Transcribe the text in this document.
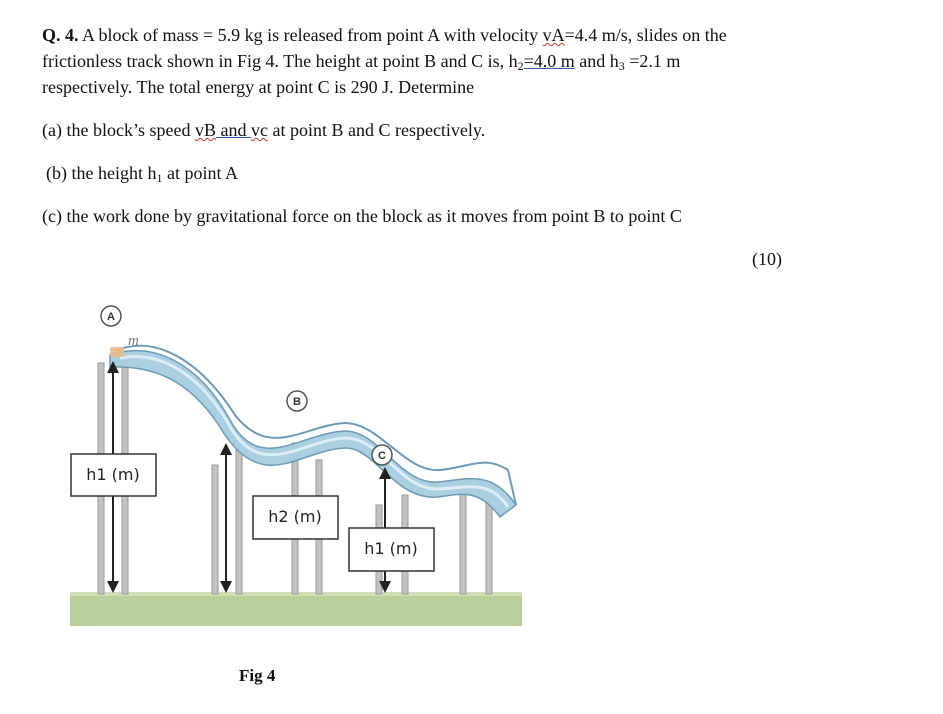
Q. 4. A block of mass = 5.9 kg is released from point A with velocity vA=4.4 m/s, slides on the
frictionless track shown in Fig 4. The height at point B and C is, $h_2=4.0$ m and $h_3 =2.1$ m
respectively. The total energy at point C is 290 J. Determine
(a) the block’s speed vB and vc at point B and C respectively.
(b) the height $h_1$ at point A
(c) the work done by gravitational force on the block as it moves from point B to point C
(10)
m
A
B
C
h1 (m)
h2 (m)
h1 (m)
Fig 4
